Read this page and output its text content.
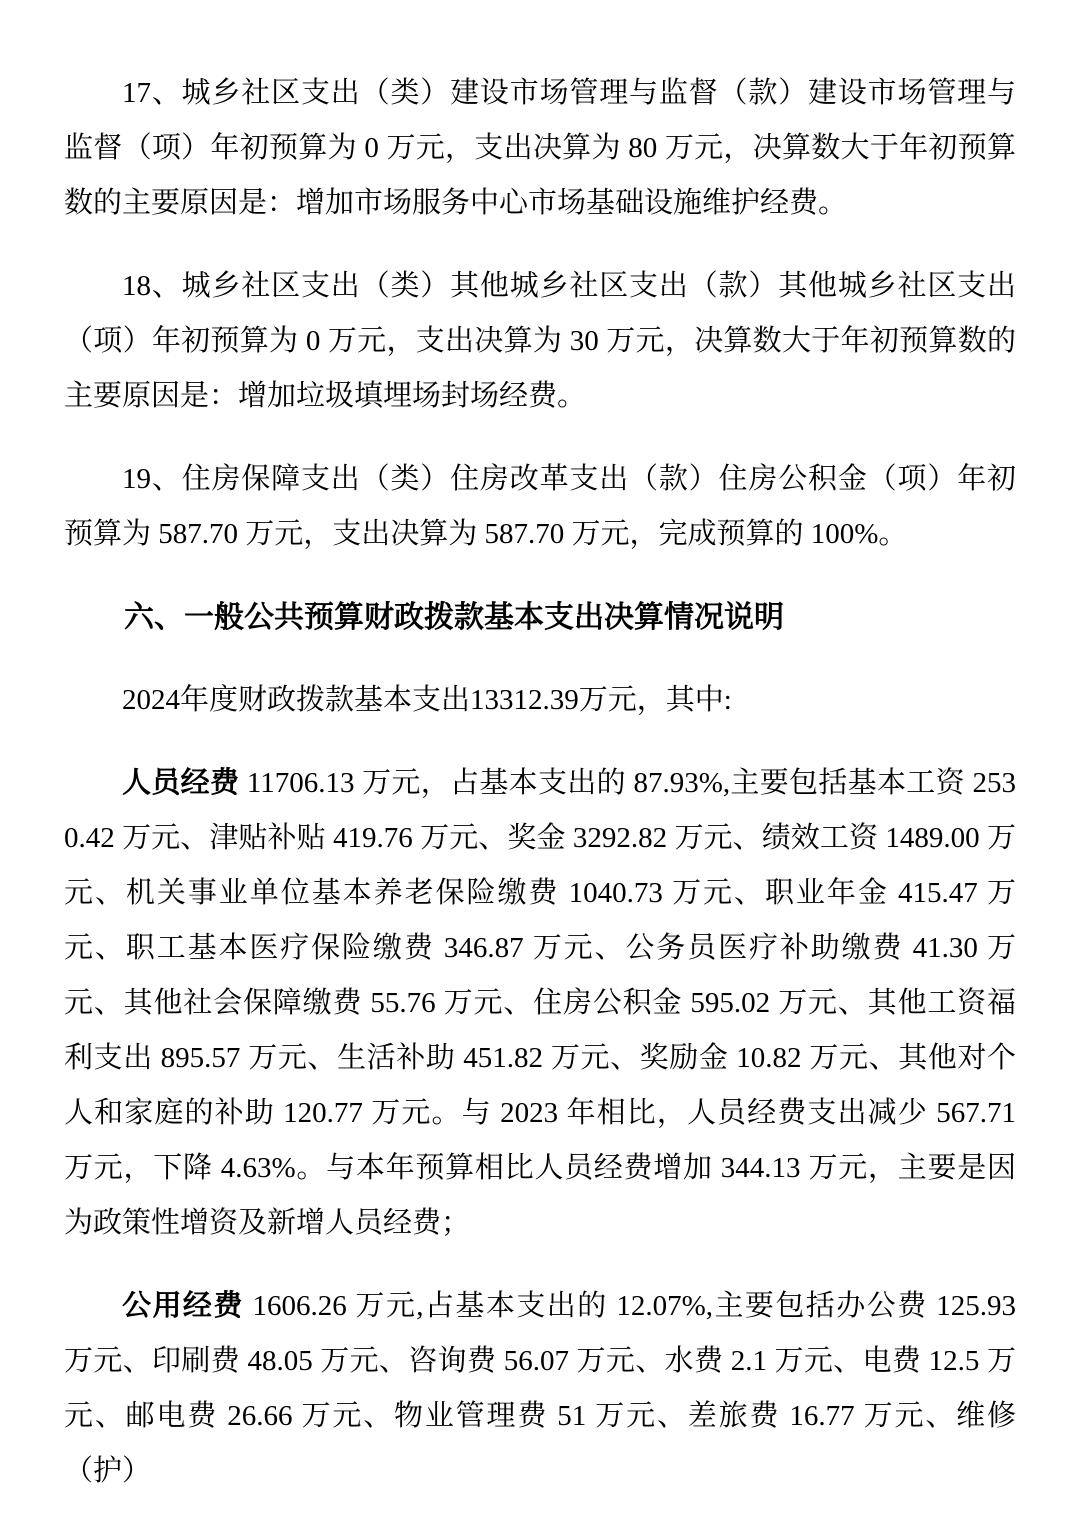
17、城乡社区支出（类）建设市场管理与监督（款）建设市场管理与监督（项）年初预算为 0 万元，支出决算为 80 万元，决算数大于年初预算数的主要原因是：增加市场服务中心市场基础设施维护经费。

18、城乡社区支出（类）其他城乡社区支出（款）其他城乡社区支出（项）年初预算为 0 万元，支出决算为 30 万元，决算数大于年初预算数的主要原因是：增加垃圾填埋场封场经费。

19、住房保障支出（类）住房改革支出（款）住房公积金（项）年初预算为 587.70 万元，支出决算为 587.70 万元，完成预算的 100%。

六、一般公共预算财政拨款基本支出决算情况说明

2024年度财政拨款基本支出13312.39万元，其中:

人员经费 11706.13 万元，占基本支出的 87.93%,主要包括基本工资 2530.42 万元、津贴补贴 419.76 万元、奖金 3292.82 万元、绩效工资 1489.00 万元、机关事业单位基本养老保险缴费 1040.73 万元、职业年金 415.47 万元、职工基本医疗保险缴费 346.87 万元、公务员医疗补助缴费 41.30 万元、其他社会保障缴费 55.76 万元、住房公积金 595.02 万元、其他工资福利支出 895.57 万元、生活补助 451.82 万元、奖励金 10.82 万元、其他对个人和家庭的补助 120.77 万元。与 2023 年相比，人员经费支出减少 567.71 万元，下降 4.63%。与本年预算相比人员经费增加 344.13 万元，主要是因为政策性增资及新增人员经费；

公用经费 1606.26 万元,占基本支出的 12.07%,主要包括办公费 125.93 万元、印刷费 48.05 万元、咨询费 56.07 万元、水费 2.1 万元、电费 12.5 万元、邮电费 26.66 万元、物业管理费 51 万元、差旅费 16.77 万元、维修（护）
